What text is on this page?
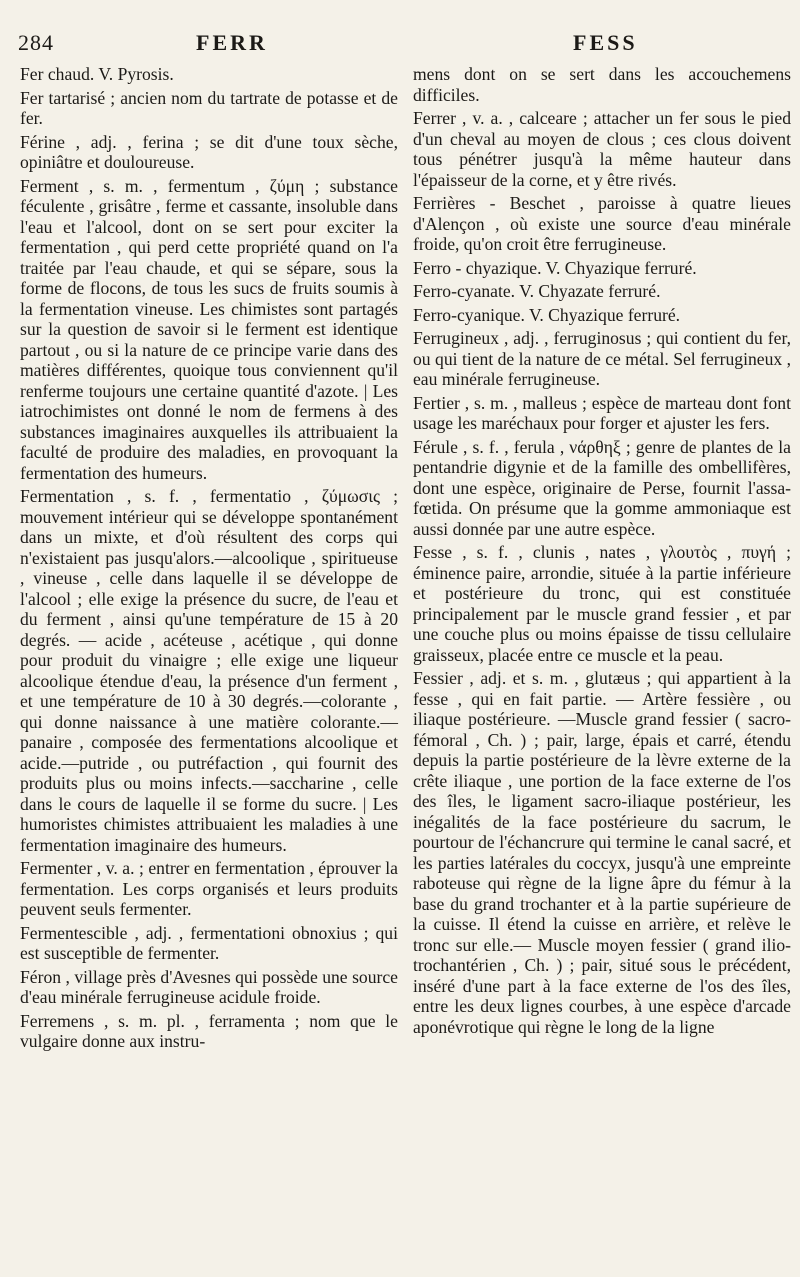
284	FERR	FESS

Fer chaud. V. Pyrosis.

Fer tartarisé ; ancien nom du tartrate de potasse et de fer.

Férine , adj. , ferina ; se dit d'une toux sèche, opiniâtre et douloureuse.

Ferment , s. m. , fermentum , ζύμη ; substance féculente , grisâtre , ferme et cassante, insoluble dans l'eau et l'alcool, dont on se sert pour exciter la fermentation , qui perd cette propriété quand on l'a traitée par l'eau chaude, et qui se sépare, sous la forme de flocons, de tous les sucs de fruits soumis à la fermentation vineuse. Les chimistes sont partagés sur la question de savoir si le ferment est identique partout , ou si la nature de ce principe varie dans des matières différentes, quoique tous conviennent qu'il renferme toujours une certaine quantité d'azote. | Les iatrochimistes ont donné le nom de fermens à des substances imaginaires auxquelles ils attribuaient la faculté de produire des maladies, en provoquant la fermentation des humeurs.

Fermentation , s. f. , fermentatio , ζύμωσις ; mouvement intérieur qui se développe spontanément dans un mixte, et d'où résultent des corps qui n'existaient pas jusqu'alors.—alcoolique , spiritueuse , vineuse , celle dans laquelle il se développe de l'alcool ; elle exige la présence du sucre, de l'eau et du ferment , ainsi qu'une température de 15 à 20 degrés. — acide , acéteuse , acétique , qui donne pour produit du vinaigre ; elle exige une liqueur alcoolique étendue d'eau, la présence d'un ferment , et une température de 10 à 30 degrés.—colorante , qui donne naissance à une matière colorante.—panaire , composée des fermentations alcoolique et acide.—putride , ou putréfaction , qui fournit des produits plus ou moins infects.—saccharine , celle dans le cours de laquelle il se forme du sucre. | Les humoristes chimistes attribuaient les maladies à une fermentation imaginaire des humeurs.

Fermenter , v. a. ; entrer en fermentation , éprouver la fermentation. Les corps organisés et leurs produits peuvent seuls fermenter.

Fermentescible , adj. , fermentationi obnoxius ; qui est susceptible de fermenter.

Féron , village près d'Avesnes qui possède une source d'eau minérale ferrugineuse acidule froide.

Ferremens , s. m. pl. , ferramenta ; nom que le vulgaire donne aux instru-

mens dont on se sert dans les accouchemens difficiles.

Ferrer , v. a. , calceare ; attacher un fer sous le pied d'un cheval au moyen de clous ; ces clous doivent tous pénétrer jusqu'à la même hauteur dans l'épaisseur de la corne, et y être rivés.

Ferrières - Beschet , paroisse à quatre lieues d'Alençon , où existe une source d'eau minérale froide, qu'on croit être ferrugineuse.

Ferro - chyazique. V. Chyazique ferruré.

Ferro-cyanate. V. Chyazate ferruré.

Ferro-cyanique. V. Chyazique ferruré.

Ferrugineux , adj. , ferruginosus ; qui contient du fer, ou qui tient de la nature de ce métal. Sel ferrugineux , eau minérale ferrugineuse.

Fertier , s. m. , malleus ; espèce de marteau dont font usage les maréchaux pour forger et ajuster les fers.

Férule , s. f. , ferula , νάρθηξ ; genre de plantes de la pentandrie digynie et de la famille des ombellifères, dont une espèce, originaire de Perse, fournit l'assa-fœtida. On présume que la gomme ammoniaque est aussi donnée par une autre espèce.

Fesse , s. f. , clunis , nates , γλουτὸς , πυγή ; éminence paire, arrondie, située à la partie inférieure et postérieure du tronc, qui est constituée principalement par le muscle grand fessier , et par une couche plus ou moins épaisse de tissu cellulaire graisseux, placée entre ce muscle et la peau.

Fessier , adj. et s. m. , glutæus ; qui appartient à la fesse , qui en fait partie. — Artère fessière , ou iliaque postérieure. —Muscle grand fessier ( sacro-fémoral , Ch. ) ; pair, large, épais et carré, étendu depuis la partie postérieure de la lèvre externe de la crête iliaque , une portion de la face externe de l'os des îles, le ligament sacro-iliaque postérieur, les inégalités de la face postérieure du sacrum, le pourtour de l'échancrure qui termine le canal sacré, et les parties latérales du coccyx, jusqu'à une empreinte raboteuse qui règne de la ligne âpre du fémur à la base du grand trochanter et à la partie supérieure de la cuisse. Il étend la cuisse en arrière, et relève le tronc sur elle.— Muscle moyen fessier ( grand ilio-trochantérien , Ch. ) ; pair, situé sous le précédent, inséré d'une part à la face externe de l'os des îles, entre les deux lignes courbes, à une espèce d'arcade aponévrotique qui règne le long de la ligne
